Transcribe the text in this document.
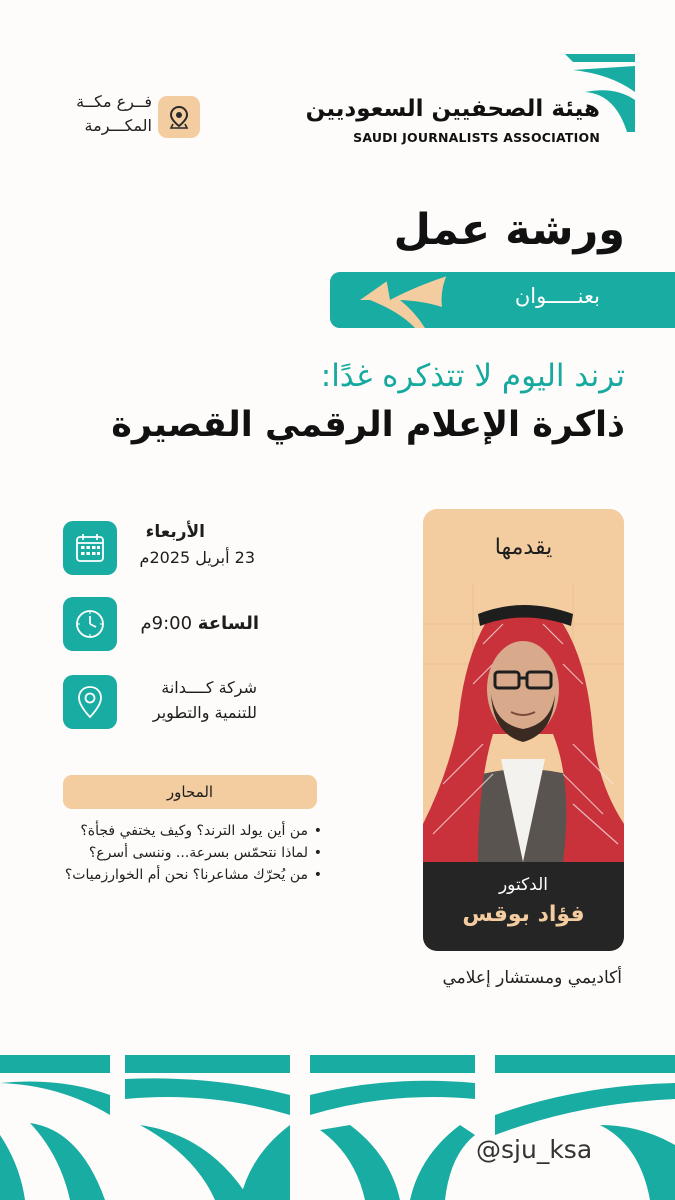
هيئة الصحفيين السعوديين
SAUDI JOURNALISTS ASSOCIATION
فــرع مكــة
المكـــرمة
ورشة عمل
بعنـــــوان
ترند اليوم لا تتذكره غدًا:
ذاكرة الإعلام الرقمي القصيرة
الأربعاء
23 أبريل 2025م
الساعة 9:00م
شركة كــــدانة
للتنمية والتطوير
المحاور
• من أين يولد الترند؟ وكيف يختفي فجأة؟
• لماذا نتحمّس بسرعة... وننسى أسرع؟
• من يُحرّك مشاعرنا؟ نحن أم الخوارزميات؟
يقدمها
الدكتور
فؤاد بوقس
أكاديمي ومستشار إعلامي
@sju_ksa
